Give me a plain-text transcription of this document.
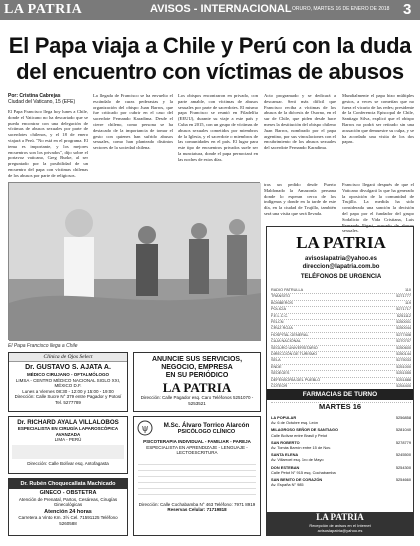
LA PATRIA	AVISOS - INTERNACIONAL ORURO, MARTES 16 DE ENERO DE 2018 3
El Papa viaja a Chile y Perú con la duda del encuentro con víctimas de abusos
Por: Cristina Cabrejas
Ciudad del Vaticano, 15 (EFE)
El Papa Francisco llega hoy lunes a Chile, donde el Vaticano no ha descartado que se pueda encontrar con una delegación de víctimas de abusos sexuales por parte de sacerdotes chilenos, y el 18 de enero viajará a Perú. "No está en el programa. El tema es importante, y los mejores encuentros son los privados", dijo sobre el portavoz vaticano, Greg Burke, al ser preguntado por la posibilidad de un encuentro del papa con víctimas chilenas de los abusos por parte de religiosos.
La llegada de Francisco se ha envuelto el escándalo de curas pederastas y la organización del obispo Juan Barros, que fue criticado por cubrir en el caso del sacerdote Fernando Karadima. Desde el cierre chileno, como persona se ha destacado de la importancia de tomar el gesto con quienes han sufrido abusos sexuales, como han planteado distintos sectores de la sociedad chilena.
Los obispos encontraron en privado, con parte amable, con víctimas de abusos sexuales por parte de sacerdotes. El mismo papa Francisco se reunió en Filadelfia (EEUU), durante su viaje a este país y Cuba en 2015, con un grupo de víctimas de abusos sexuales cometidos por miembros de la Iglesia, y el sacerdote o miembros de las comunidades en el país. El lugar para este tipo de encuentros privados suele ser la nunciatura, donde el papa pernoctará en las noches de estos días.
Acto programado y se dedicará a descansar. Será más difícil que Francisco reciba a víctimas de los abusos de la diócesis de Osorno, en el sur de Chile, que piden desde hace meses la destitución del obispo chileno Juan Barros, nombrado por el papa argentino, por sus vinculaciones con el encubrimiento de los abusos sexuales del sacerdote Fernando Karadima.
Mundialmente el papa hizo múltiples gestos, a veces se cometían que no fuera el vicario de las redes; presidente de la Conferencia Episcopal de Chile, Santiago Silva, explicó que el obispo Barros no podrá ser retirado sin una acusación que demuestre su culpa, y se ha acordado una visita de los dos papas.
tras un pedido desde Puerto Maldonado la Amazonía peruana donde lo esperan cerca de los indígenas y donde en la tarde de este día, en la ciudad de Trujillo, también será una visita que será llevada.
Francisco llegará después de que el Vaticano divulgará la que ha generado la oposición de la comunidad de Trujillo. La medida ha sido considerada una sanción la decisión del papa por el fundador del grupo Sodalicio de Vida Cristiana, Luis Fernando Figari, acusado de abusos sexuales.
El Papa Francisco llega a Chile
Clínica de Ojos Select
Dr. GUSTAVO S. AJATA A.
MÉDICO CIRUJANO - OFTALMÓLOGO
LIMSA - CENTRO MÉDICO NACIONAL SIGLO XXI, MÉXICO D.F.
Lunes a Viernes 08:30 - 12:00 y 15:00 - 19:00
Dirección: Calle Sucre N° 379 entre Pagador y Potosí Tel. 5277789
Dr. RICHARD AYALA VILLALOBOS
ESPECIALISTA EN CIRUGÍA LAPAROSCÓPICA AVANZADA
LIMA - PERÚ
Dirección: Calle Bolívar esq. Antofagasta
Dr. Rubén Choquecallata Machicado
GINECO - OBSTETRA
Atención de Prenatal, Partos, Cesáreas, Cirugías Ginecológicas
Atención 24 horas
Carretera a Vinto Km. 3½ Cel. 71591125 Teléfono 5260588
ANUNCIE SUS SERVICIOS,
NEGOCIO, EMPRESA
EN SU PERIÓDICO
LA PATRIA
Dirección: Calle Pagador esq. Caro Teléfonos 5251070 - 5253521
ψ	M.Sc. Álvaro Torrico Alarcón
PSICÓLOGO CLÍNICO
PSICOTERAPIA INDIVIDUAL - FAMILIAR - PAREJA
ESPECIALISTA EN APRENDIZAJE - LENGUAJE - LECTOESCRITURA
Dirección: Calle Cochabamba N° 463 Teléfono: 7971 8919
Reservas Celular: 71719818
LA PATRIA
avisoslapatria@yahoo.es
direccion@lapatria.com.bo
TELÉFONOS DE URGENCIA
RADIO PATRULLA	110
TRÁNSITO	5271777
BOMBEROS	119
POLICÍA	5271717
F.E.L.C.C.	5251112
FELCN	5250001
CRUZ ROJA	5250044
HOSPITAL GENERAL	5277408
CAJA NACIONAL	5270707
SEGURO UNIVERSITARIO	5250600
DIRECCIÓN DE TURISMO	5250144
SELA	5275033
ENDE	5251000
SEDEGES	5251555
DEFENSORÍA DEL PUEBLO	5251888
COTEOR	5254400
FARMACIAS DE TURNO
MARTES 16
LA POPULAR	5256858
Av. 6 de Octubre esq. León
MILAGROSO SEÑOR DE SANTIAGO	5281040
Calle Bolívar entre Brasil y Petot
SAN ROBERTO	5278779
Av. Tomás Barrón entre 15 de Nov.
SANTA ELENA	5245500
Av. Villarroel esq. 1ro de Mayo
DON ESTEBAN	5254300
Calle Petot N° 915 esq. Cochabamba
SAN BENITO DE CORAZÓN	5254660
Av. España N° 985
LA PATRIA
Recepción de avisos en el Internet
avisoslapatria@yahoo.es
